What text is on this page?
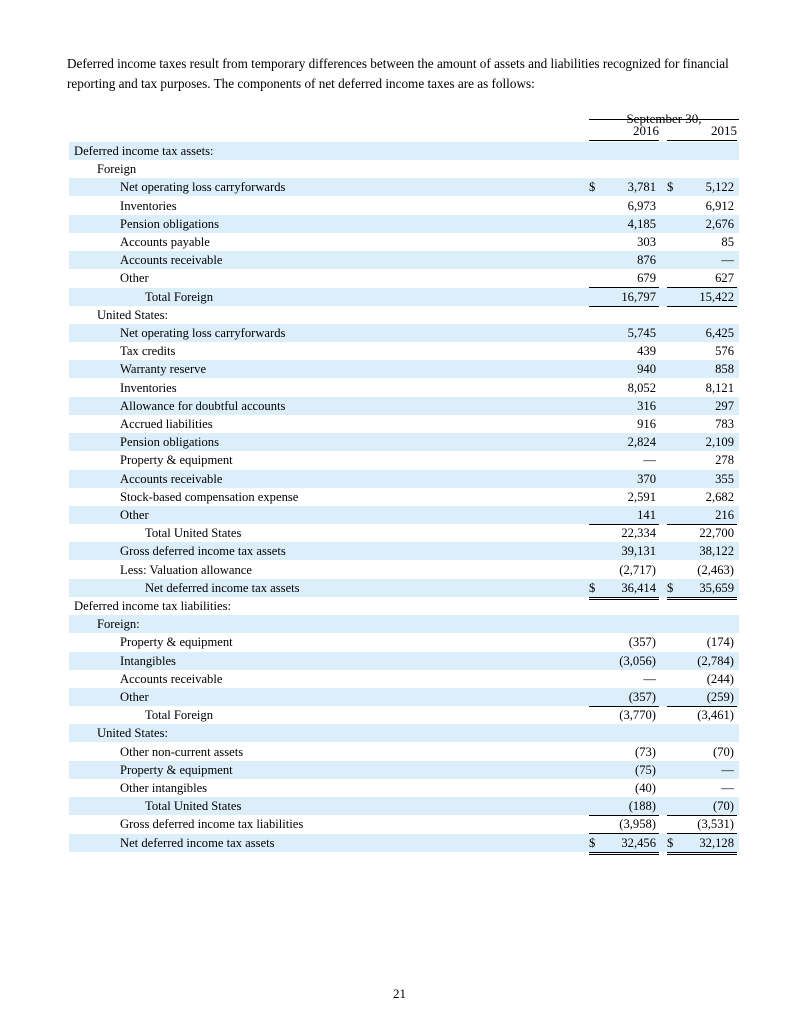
Deferred income taxes result from temporary differences between the amount of assets and liabilities recognized for financial reporting and tax purposes. The components of net deferred income taxes are as follows:
September 30,
2016	2015
Deferred income tax assets:
Foreign
Net operating loss carryforwards	$	3,781 $	5,122
Inventories	6,973	6,912
Pension obligations	4,185	2,676
Accounts payable	303	85
Accounts receivable	876	—
Other	679	627
Total Foreign	16,797	15,422
United States:
Net operating loss carryforwards	5,745	6,425
Tax credits	439	576
Warranty reserve	940	858
Inventories	8,052	8,121
Allowance for doubtful accounts	316	297
Accrued liabilities	916	783
Pension obligations	2,824	2,109
Property & equipment	—	278
Accounts receivable	370	355
Stock-based compensation expense	2,591	2,682
Other	141	216
Total United States	22,334	22,700
Gross deferred income tax assets	39,131	38,122
Less: Valuation allowance	(2,717)	(2,463)
Net deferred income tax assets	$ 36,414 $ 35,659
Deferred income tax liabilities:
Foreign:
Property & equipment	(357)	(174)
Intangibles	(3,056)	(2,784)
Accounts receivable	—	(244)
Other	(357)	(259)
Total Foreign	(3,770)	(3,461)
United States:
Other non-current assets	(73)	(70)
Property & equipment	(75)	—
Other intangibles	(40)	—
Total United States	(188)	(70)
Gross deferred income tax liabilities	(3,958)	(3,531)
Net deferred income tax assets	$ 32,456 $ 32,128
21
